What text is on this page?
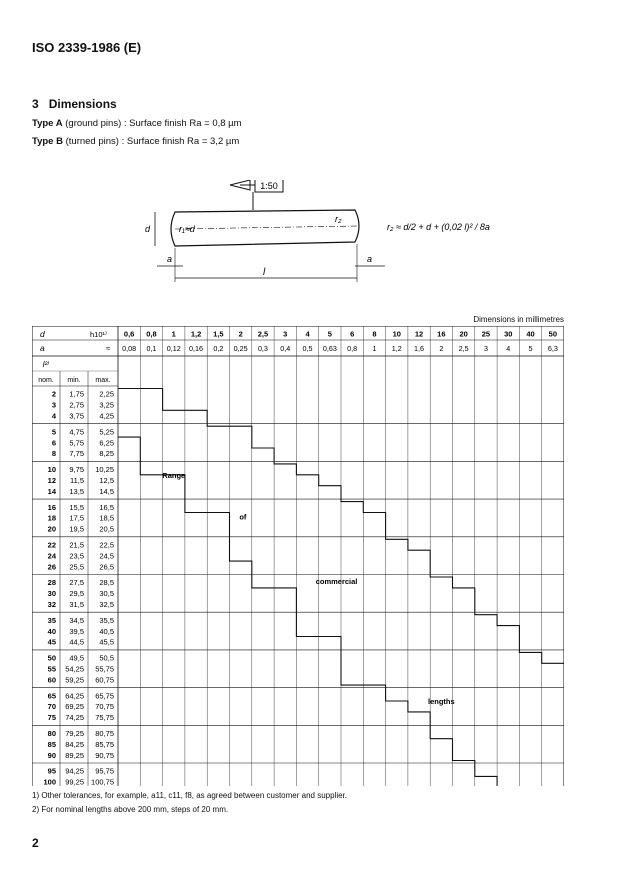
ISO 2339-1986 (E)
3 Dimensions
Type A (ground pins) : Surface finish Ra = 0,8 µm
Type B (turned pins) : Surface finish Ra = 3,2 µm
1:50
r₁≈d
r₂
d
a	a
l
r₂ ≈ d/2 + d + (0,02 l)² / 8a
Dimensions in millimetres
d	h10¹⁾
a	≈
0,6 0,8 1 1,2 1,5 2 2,5 3 4 5 6 8 10 12 16 20 25 30 40 50
0,08 0,1 0,12 0,16 0,2 0,25 0,3 0,4 0,5 0,63 0,8 1 1,2 1,6 2 2,5 3	4	5 6,3
l²⁾
nom. min. max.
2 1,75 2,25
3 2,75 3,25
4 3,75 4,25
5 4,75 5,25
6 5,75 6,25
8 7,75 8,25
10 9,75 10,25
12 11,5 12,5
14 13,5 14,5
16 15,5 16,5
18 17,5 18,5
20 19,5 20,5
22 21,5 22,5
24 23,5 24,5
26 25,5 26,5
28 27,5 28,5
30 29,5 30,5
32 31,5 32,5
35 34,5 35,5
40 39,5 40,5
45 44,5 45,5
50 49,5 50,5
55 54,25 55,75
60 59,25 60,75
65 64,25 65,75
70 69,25 70,75
75 74,25 75,75
80 79,25 80,75
85 84,25 85,75
90 89,25 90,75
95 94,25 95,75
100 99,25 100,75
Range
of
commercial
lengths
1) Other tolerances, for example, a11, c11, f8, as agreed between customer and supplier.
2) For nominal lengths above 200 mm, steps of 20 mm.
2
